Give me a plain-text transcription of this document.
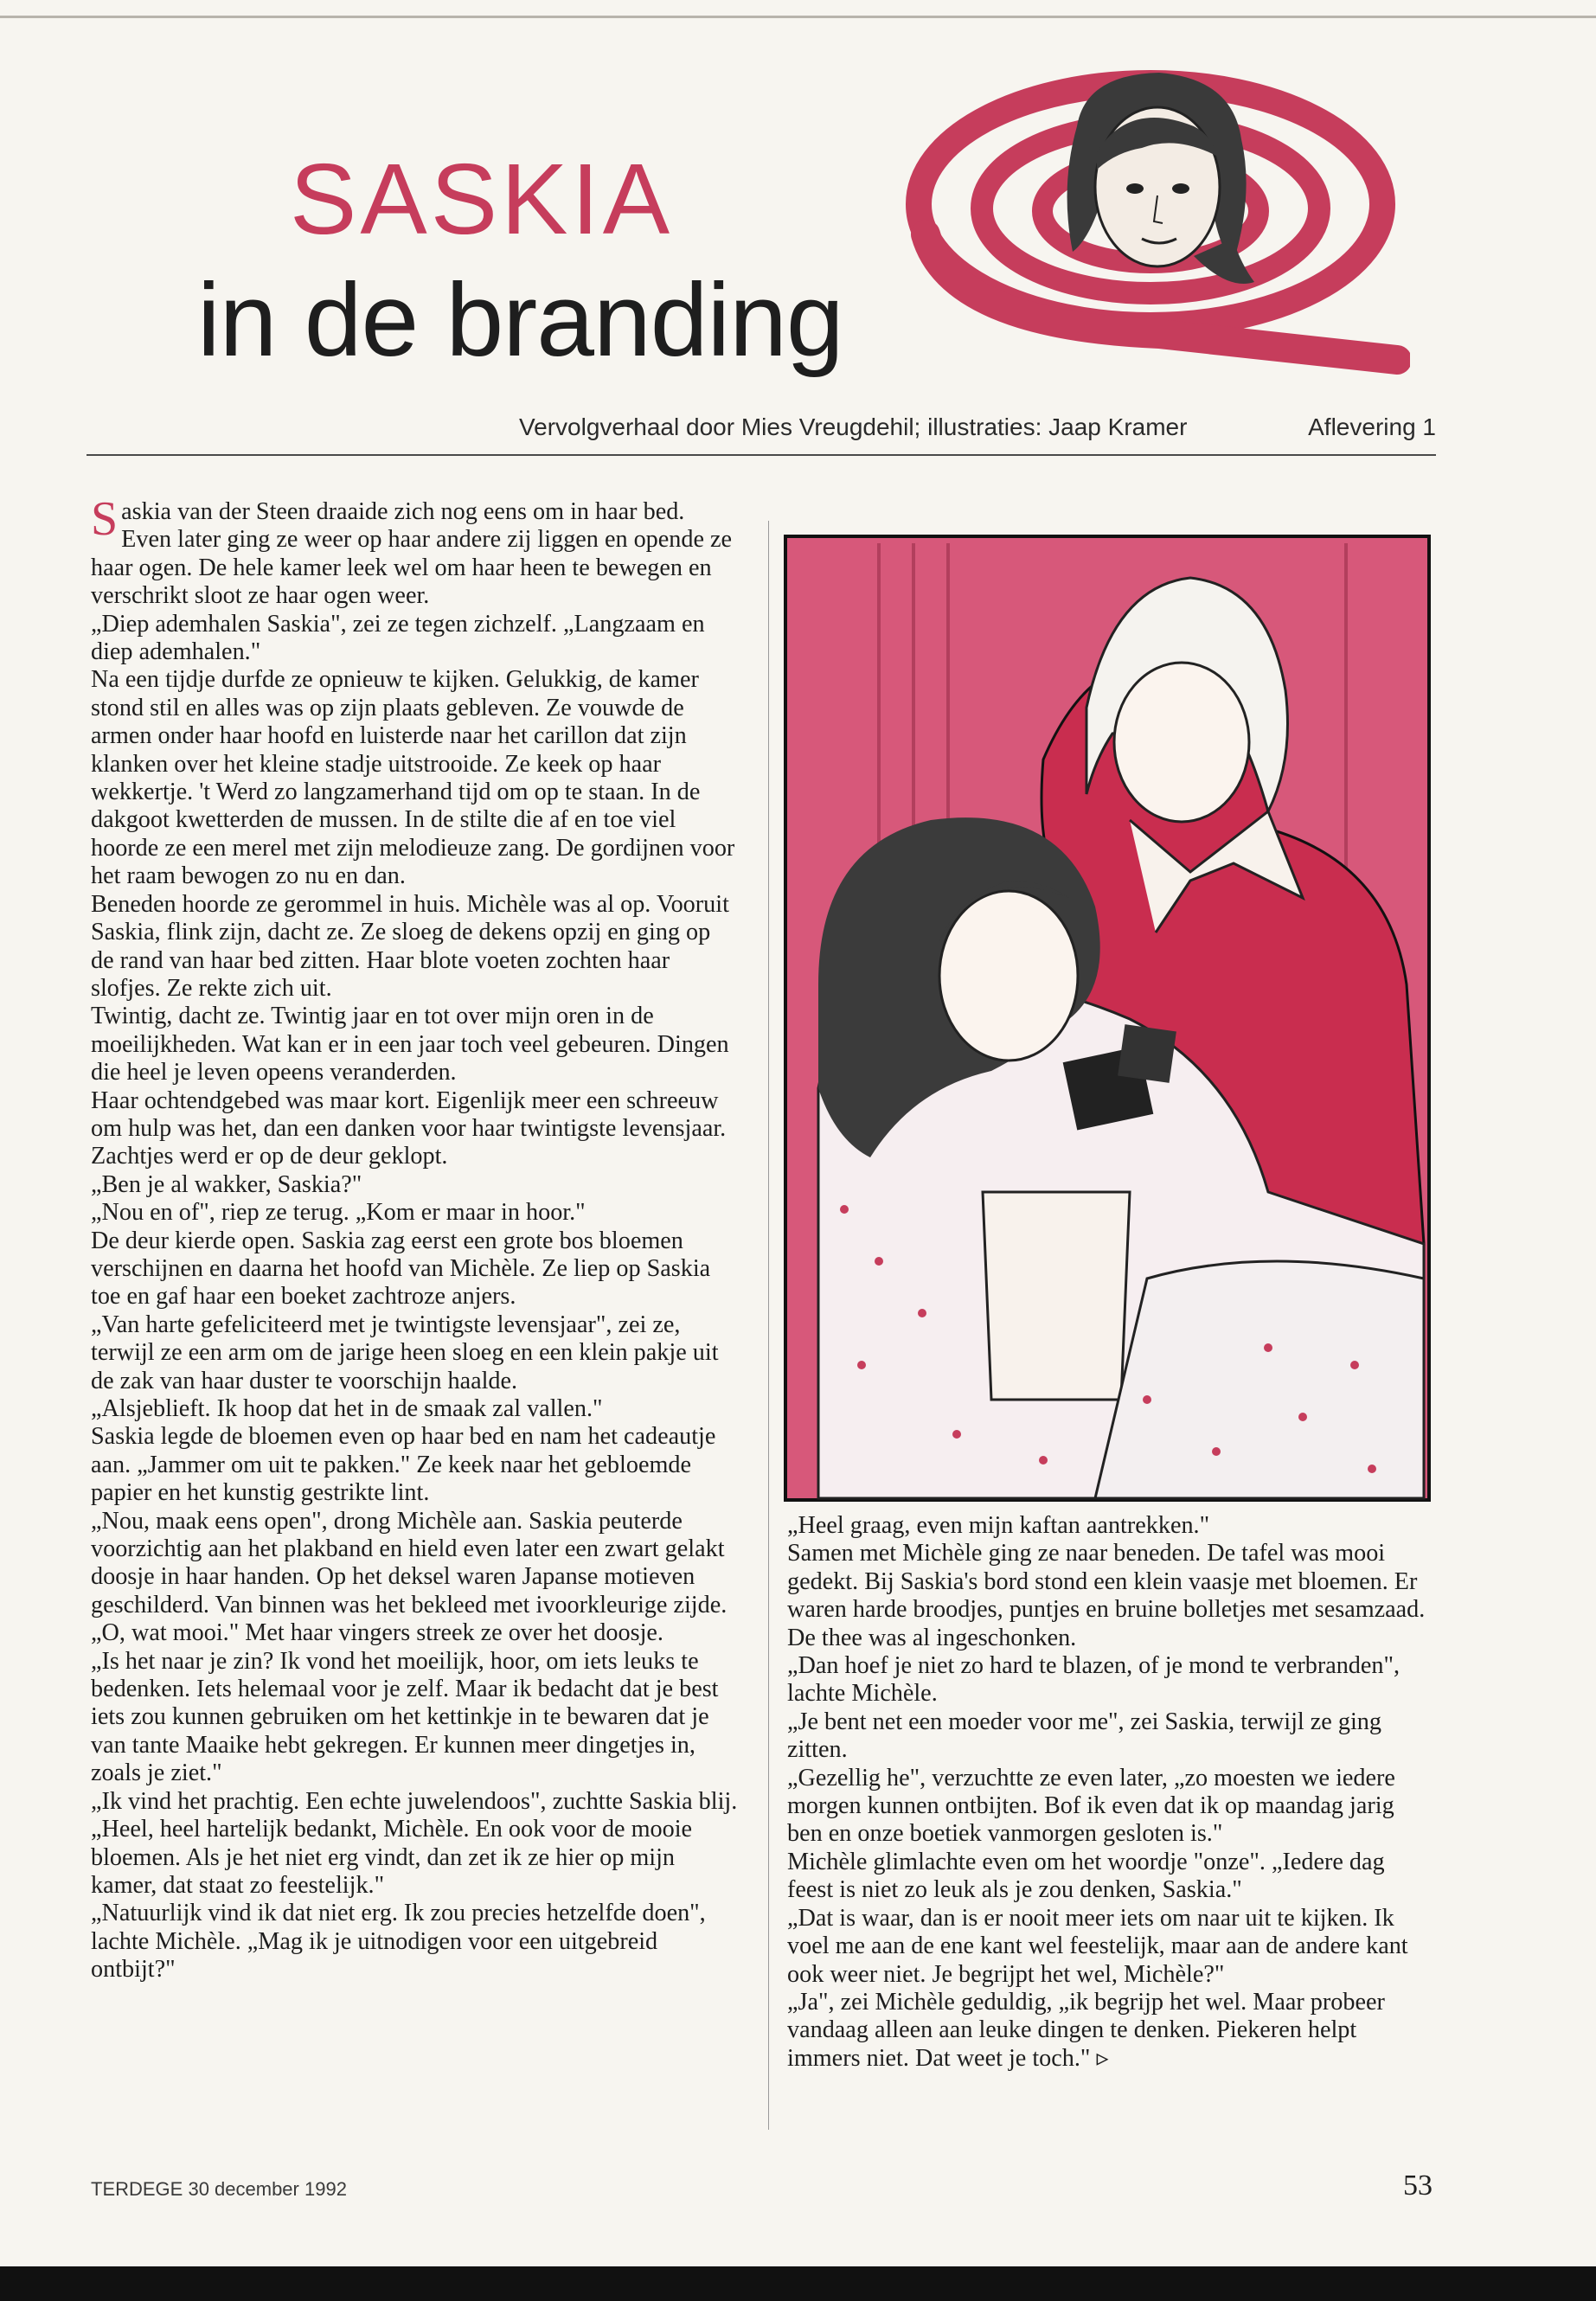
SASKIA
in de branding
Vervolgverhaal door Mies Vreugdehil; illustraties: Jaap Kramer	Aflevering 1
S askia van der Steen draaide zich nog eens om in haar bed. Even later ging ze weer op haar andere zij liggen en opende ze haar ogen. De hele kamer leek wel om haar heen te bewegen en verschrikt sloot ze haar ogen weer.

„Diep ademhalen Saskia", zei ze tegen zichzelf. „Langzaam en diep ademhalen."

Na een tijdje durfde ze opnieuw te kijken. Gelukkig, de kamer stond stil en alles was op zijn plaats gebleven. Ze vouwde de armen onder haar hoofd en luisterde naar het carillon dat zijn klanken over het kleine stadje uitstrooide. Ze keek op haar wekkertje. 't Werd zo langzamerhand tijd om op te staan. In de dakgoot kwetterden de mussen. In de stilte die af en toe viel hoorde ze een merel met zijn melodieuze zang. De gordijnen voor het raam bewogen zo nu en dan.

Beneden hoorde ze gerommel in huis. Michèle was al op. Vooruit Saskia, flink zijn, dacht ze. Ze sloeg de dekens opzij en ging op de rand van haar bed zitten. Haar blote voeten zochten haar slofjes. Ze rekte zich uit.

Twintig, dacht ze. Twintig jaar en tot over mijn oren in de moeilijkheden. Wat kan er in een jaar toch veel gebeuren. Dingen die heel je leven opeens veranderden.

Haar ochtendgebed was maar kort. Eigenlijk meer een schreeuw om hulp was het, dan een danken voor haar twintigste levensjaar.

Zachtjes werd er op de deur geklopt.

„Ben je al wakker, Saskia?"

„Nou en of", riep ze terug. „Kom er maar in hoor."

De deur kierde open. Saskia zag eerst een grote bos bloemen verschijnen en daarna het hoofd van Michèle. Ze liep op Saskia toe en gaf haar een boeket zachtroze anjers.

„Van harte gefeliciteerd met je twintigste levensjaar", zei ze, terwijl ze een arm om de jarige heen sloeg en een klein pakje uit de zak van haar duster te voorschijn haalde.

„Alsjeblieft. Ik hoop dat het in de smaak zal vallen."

Saskia legde de bloemen even op haar bed en nam het cadeautje aan. „Jammer om uit te pakken." Ze keek naar het gebloemde papier en het kunstig gestrikte lint.

„Nou, maak eens open", drong Michèle aan. Saskia peuterde voorzichtig aan het plakband en hield even later een zwart gelakt doosje in haar handen. Op het deksel waren Japanse motieven geschilderd. Van binnen was het bekleed met ivoorkleurige zijde.

„O, wat mooi." Met haar vingers streek ze over het doosje.

„Is het naar je zin? Ik vond het moeilijk, hoor, om iets leuks te bedenken. Iets helemaal voor je zelf. Maar ik bedacht dat je best iets zou kunnen gebruiken om het kettinkje in te bewaren dat je van tante Maaike hebt gekregen. Er kunnen meer dingetjes in, zoals je ziet."

„Ik vind het prachtig. Een echte juwelendoos", zuchtte Saskia blij. „Heel, heel hartelijk bedankt, Michèle. En ook voor de mooie bloemen. Als je het niet erg vindt, dan zet ik ze hier op mijn kamer, dat staat zo feestelijk."

„Natuurlijk vind ik dat niet erg. Ik zou precies hetzelfde doen", lachte Michèle. „Mag ik je uitnodigen voor een uitgebreid ontbijt?"

„Heel graag, even mijn kaftan aantrekken."

Samen met Michèle ging ze naar beneden. De tafel was mooi gedekt. Bij Saskia's bord stond een klein vaasje met bloemen. Er waren harde broodjes, puntjes en bruine bolletjes met sesamzaad. De thee was al ingeschonken.

„Dan hoef je niet zo hard te blazen, of je mond te verbranden", lachte Michèle.

„Je bent net een moeder voor me", zei Saskia, terwijl ze ging zitten.

„Gezellig he", verzuchtte ze even later, „zo moesten we iedere morgen kunnen ontbijten. Bof ik even dat ik op maandag jarig ben en onze boetiek vanmorgen gesloten is."

Michèle glimlachte even om het woordje "onze". „Iedere dag feest is niet zo leuk als je zou denken, Saskia."

„Dat is waar, dan is er nooit meer iets om naar uit te kijken. Ik voel me aan de ene kant wel feestelijk, maar aan de andere kant ook weer niet. Je begrijpt het wel, Michèle?"

„Ja", zei Michèle geduldig, „ik begrijp het wel. Maar probeer vandaag alleen aan leuke dingen te denken. Piekeren helpt immers niet. Dat weet je toch." ▹

TERDEGE 30 december 1992	53
